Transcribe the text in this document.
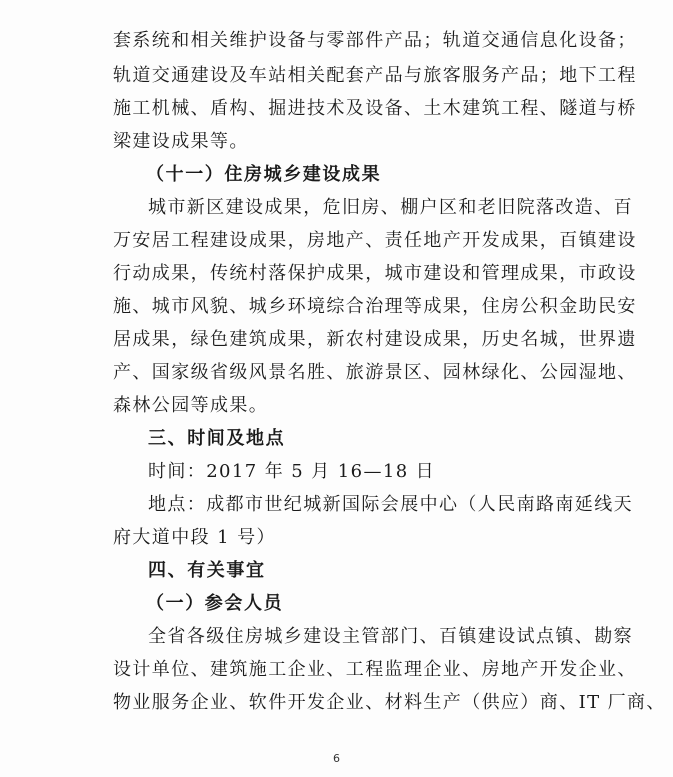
套系统和相关维护设备与零部件产品；轨道交通信息化设备；
轨道交通建设及车站相关配套产品与旅客服务产品；地下工程
施工机械、盾构、掘进技术及设备、土木建筑工程、隧道与桥
梁建设成果等。
（十一）住房城乡建设成果
城市新区建设成果，危旧房、棚户区和老旧院落改造、百
万安居工程建设成果，房地产、责任地产开发成果，百镇建设
行动成果，传统村落保护成果，城市建设和管理成果，市政设
施、城市风貌、城乡环境综合治理等成果，住房公积金助民安
居成果，绿色建筑成果，新农村建设成果，历史名城，世界遗
产、国家级省级风景名胜、旅游景区、园林绿化、公园湿地、
森林公园等成果。
三、时间及地点
时间：2017 年 5 月 16—18 日
地点：成都市世纪城新国际会展中心（人民南路南延线天
府大道中段 1 号）
四、有关事宜
（一）参会人员
全省各级住房城乡建设主管部门、百镇建设试点镇、勘察
设计单位、建筑施工企业、工程监理企业、房地产开发企业、
物业服务企业、软件开发企业、材料生产（供应）商、IT 厂商、
6
